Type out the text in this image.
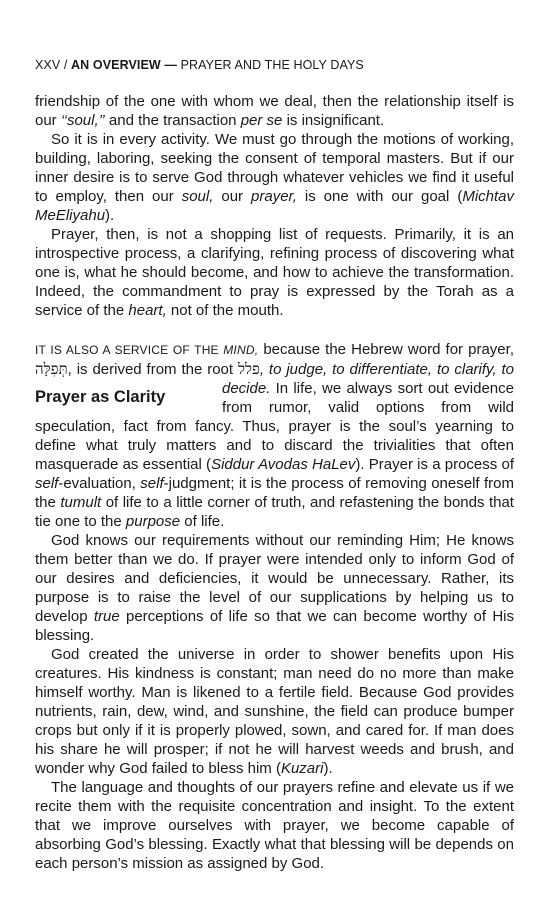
XXV / AN OVERVIEW — PRAYER AND THE HOLY DAYS

friendship of the one with whom we deal, then the relationship itself is our ‘‘soul,’’ and the transaction per se is insignificant.

So it is in every activity. We must go through the motions of working, building, laboring, seeking the consent of temporal masters. But if our inner desire is to serve God through whatever vehicles we find it useful to employ, then our soul, our prayer, is one with our goal (Michtav MeEliyahu).

Prayer, then, is not a shopping list of requests. Primarily, it is an introspective process, a clarifying, refining process of discovering what one is, what he should become, and how to achieve the transformation. Indeed, the commandment to pray is expressed by the Torah as a service of the heart, not of the mouth.

IT IS ALSO A SERVICE OF THE MIND, because the Hebrew word for prayer, תְּפִלָּה, is derived from the root פלל, to judge, to differentiate, to clarify, to decide.
Prayer as Clarity	In life, we always sort out evidence from rumor, valid options from wild speculation, fact from fancy. Thus, prayer is the soul’s yearning to define what truly matters and to discard the trivialities that often masquerade as essential (Siddur Avodas HaLev). Prayer is a process of self-evaluation, self-judgment; it is the process of removing oneself from the tumult of life to a little corner of truth, and refastening the bonds that tie one to the purpose of life.

God knows our requirements without our reminding Him; He knows them better than we do. If prayer were intended only to inform God of our desires and deficiencies, it would be unnecessary. Rather, its purpose is to raise the level of our supplications by helping us to develop true perceptions of life so that we can become worthy of His blessing.

God created the universe in order to shower benefits upon His creatures. His kindness is constant; man need do no more than make himself worthy. Man is likened to a fertile field. Because God provides nutrients, rain, dew, wind, and sunshine, the field can produce bumper crops but only if it is properly plowed, sown, and cared for. If man does his share he will prosper; if not he will harvest weeds and brush, and wonder why God failed to bless him (Kuzari).

The language and thoughts of our prayers refine and elevate us if we recite them with the requisite concentration and insight. To the extent that we improve ourselves with prayer, we become capable of absorbing God’s blessing. Exactly what that blessing will be depends on each person’s mission as assigned by God.
